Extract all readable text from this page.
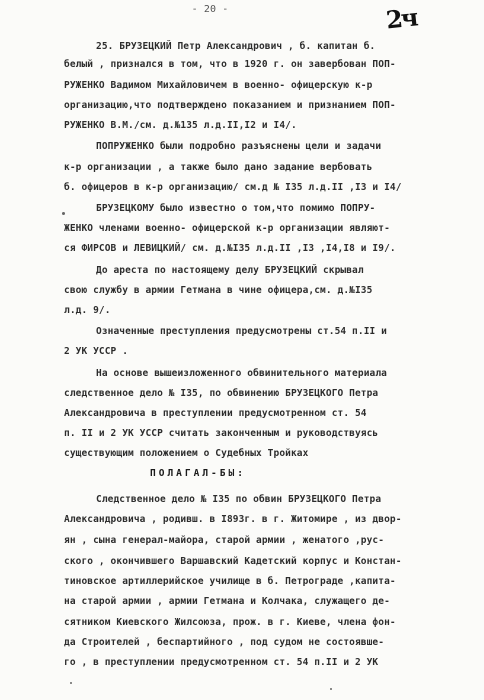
- 20 -	2ч
25. БРУЗЕЦКИЙ Петр Александрович , б. капитан б.
белый , признался в том, что в 1920 г. он завербован ПОП-
РУЖЕНКО Вадимом Михайловичем в военно- офицерскую к-р
организацию,что подтверждено показанием и признанием ПОП-
РУЖЕНКО В.М./см. д.№135 л.д.II,I2 и I4/.
ПОПРУЖЕНКО были подробно разъяснены цели и задачи
к-р организации , а также было дано задание вербовать
б. офицеров в к-р организацию/ см.д № I35 л.д.II ,I3 и I4/
БРУЗЕЦКОМУ было известно о том,что помимо ПОПРУ-
ЖЕНКО членами военно- офицерской к-р организации являют-
ся ФИРСОВ и ЛЕВИЦКИЙ/ см. д.№I35 л.д.II ,I3 ,I4,I8 и I9/.
До ареста по настоящему делу БРУЗЕЦКИЙ скрывал
свою службу в армии Гетмана в чине офицера,см. д.№I35
л.д. 9/.
Означенные преступления предусмотрены ст.54 п.II и
2 УК УССР .
На основе вышеизложенного обвинительного материала
следственное дело № I35, по обвинению БРУЗЕЦКОГО Петра
Александровича в преступлении предусмотренном ст. 54
п. II и 2 УК УССР считать законченным и руководствуясь
существующим положением о Судебных Тройках
ПОЛАГАЛ-БЫ:
Следственное дело № I35 по обвин БРУЗЕЦКОГО Петра
Александровича , родивш. в I893г. в г. Житомире , из двор-
ян , сына генерал-майора, старой армии , женатого ,рус-
ского , окончившего Варшавский Кадетский корпус и Констан-
тиновское артиллерийское училище в б. Петрограде ,капита-
на старой армии , армии Гетмана и Колчака, служащего де-
сятником Киевского Жилсоюза, прож. в г. Киеве, члена фон-
да Строителей , беспартийного , под судом не состоявше-
го , в преступлении предусмотренном ст. 54 п.II и 2 УК
